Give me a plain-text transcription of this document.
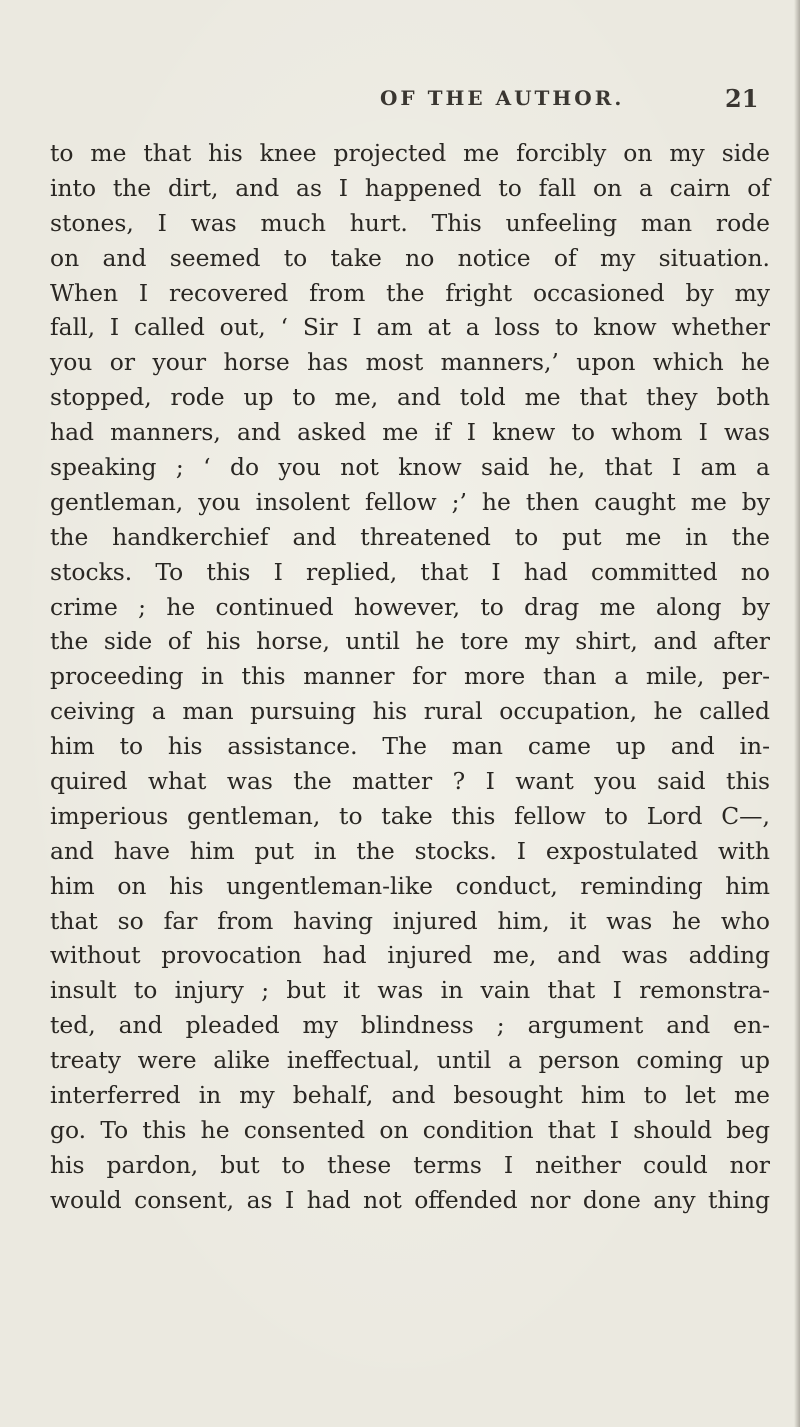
OF THE AUTHOR.	21
to me that his knee projected me forcibly on my side
into the dirt, and as I happened to fall on a cairn of
stones, I was much hurt. This unfeeling man rode
on and seemed to take no notice of my situation.
When I recovered from the fright occasioned by my
fall, I called out, ‘ Sir I am at a loss to know whether
you or your horse has most manners,’ upon which he
stopped, rode up to me, and told me that they both
had manners, and asked me if I knew to whom I was
speaking ; ‘ do you not know said he, that I am a
gentleman, you insolent fellow ;’ he then caught me by
the handkerchief and threatened to put me in the
stocks. To this I replied, that I had committed no
crime ; he continued however, to drag me along by
the side of his horse, until he tore my shirt, and after
proceeding in this manner for more than a mile, per-
ceiving a man pursuing his rural occupation, he called
him to his assistance. The man came up and in-
quired what was the matter ? I want you said this
imperious gentleman, to take this fellow to Lord C—,
and have him put in the stocks. I expostulated with
him on his ungentleman-like conduct, reminding him
that so far from having injured him, it was he who
without provocation had injured me, and was adding
insult to injury ; but it was in vain that I remonstra-
ted, and pleaded my blindness ; argument and en-
treaty were alike ineffectual, until a person coming up
interferred in my behalf, and besought him to let me
go. To this he consented on condition that I should beg
his pardon, but to these terms I neither could nor
would consent, as I had not offended nor done any thing
